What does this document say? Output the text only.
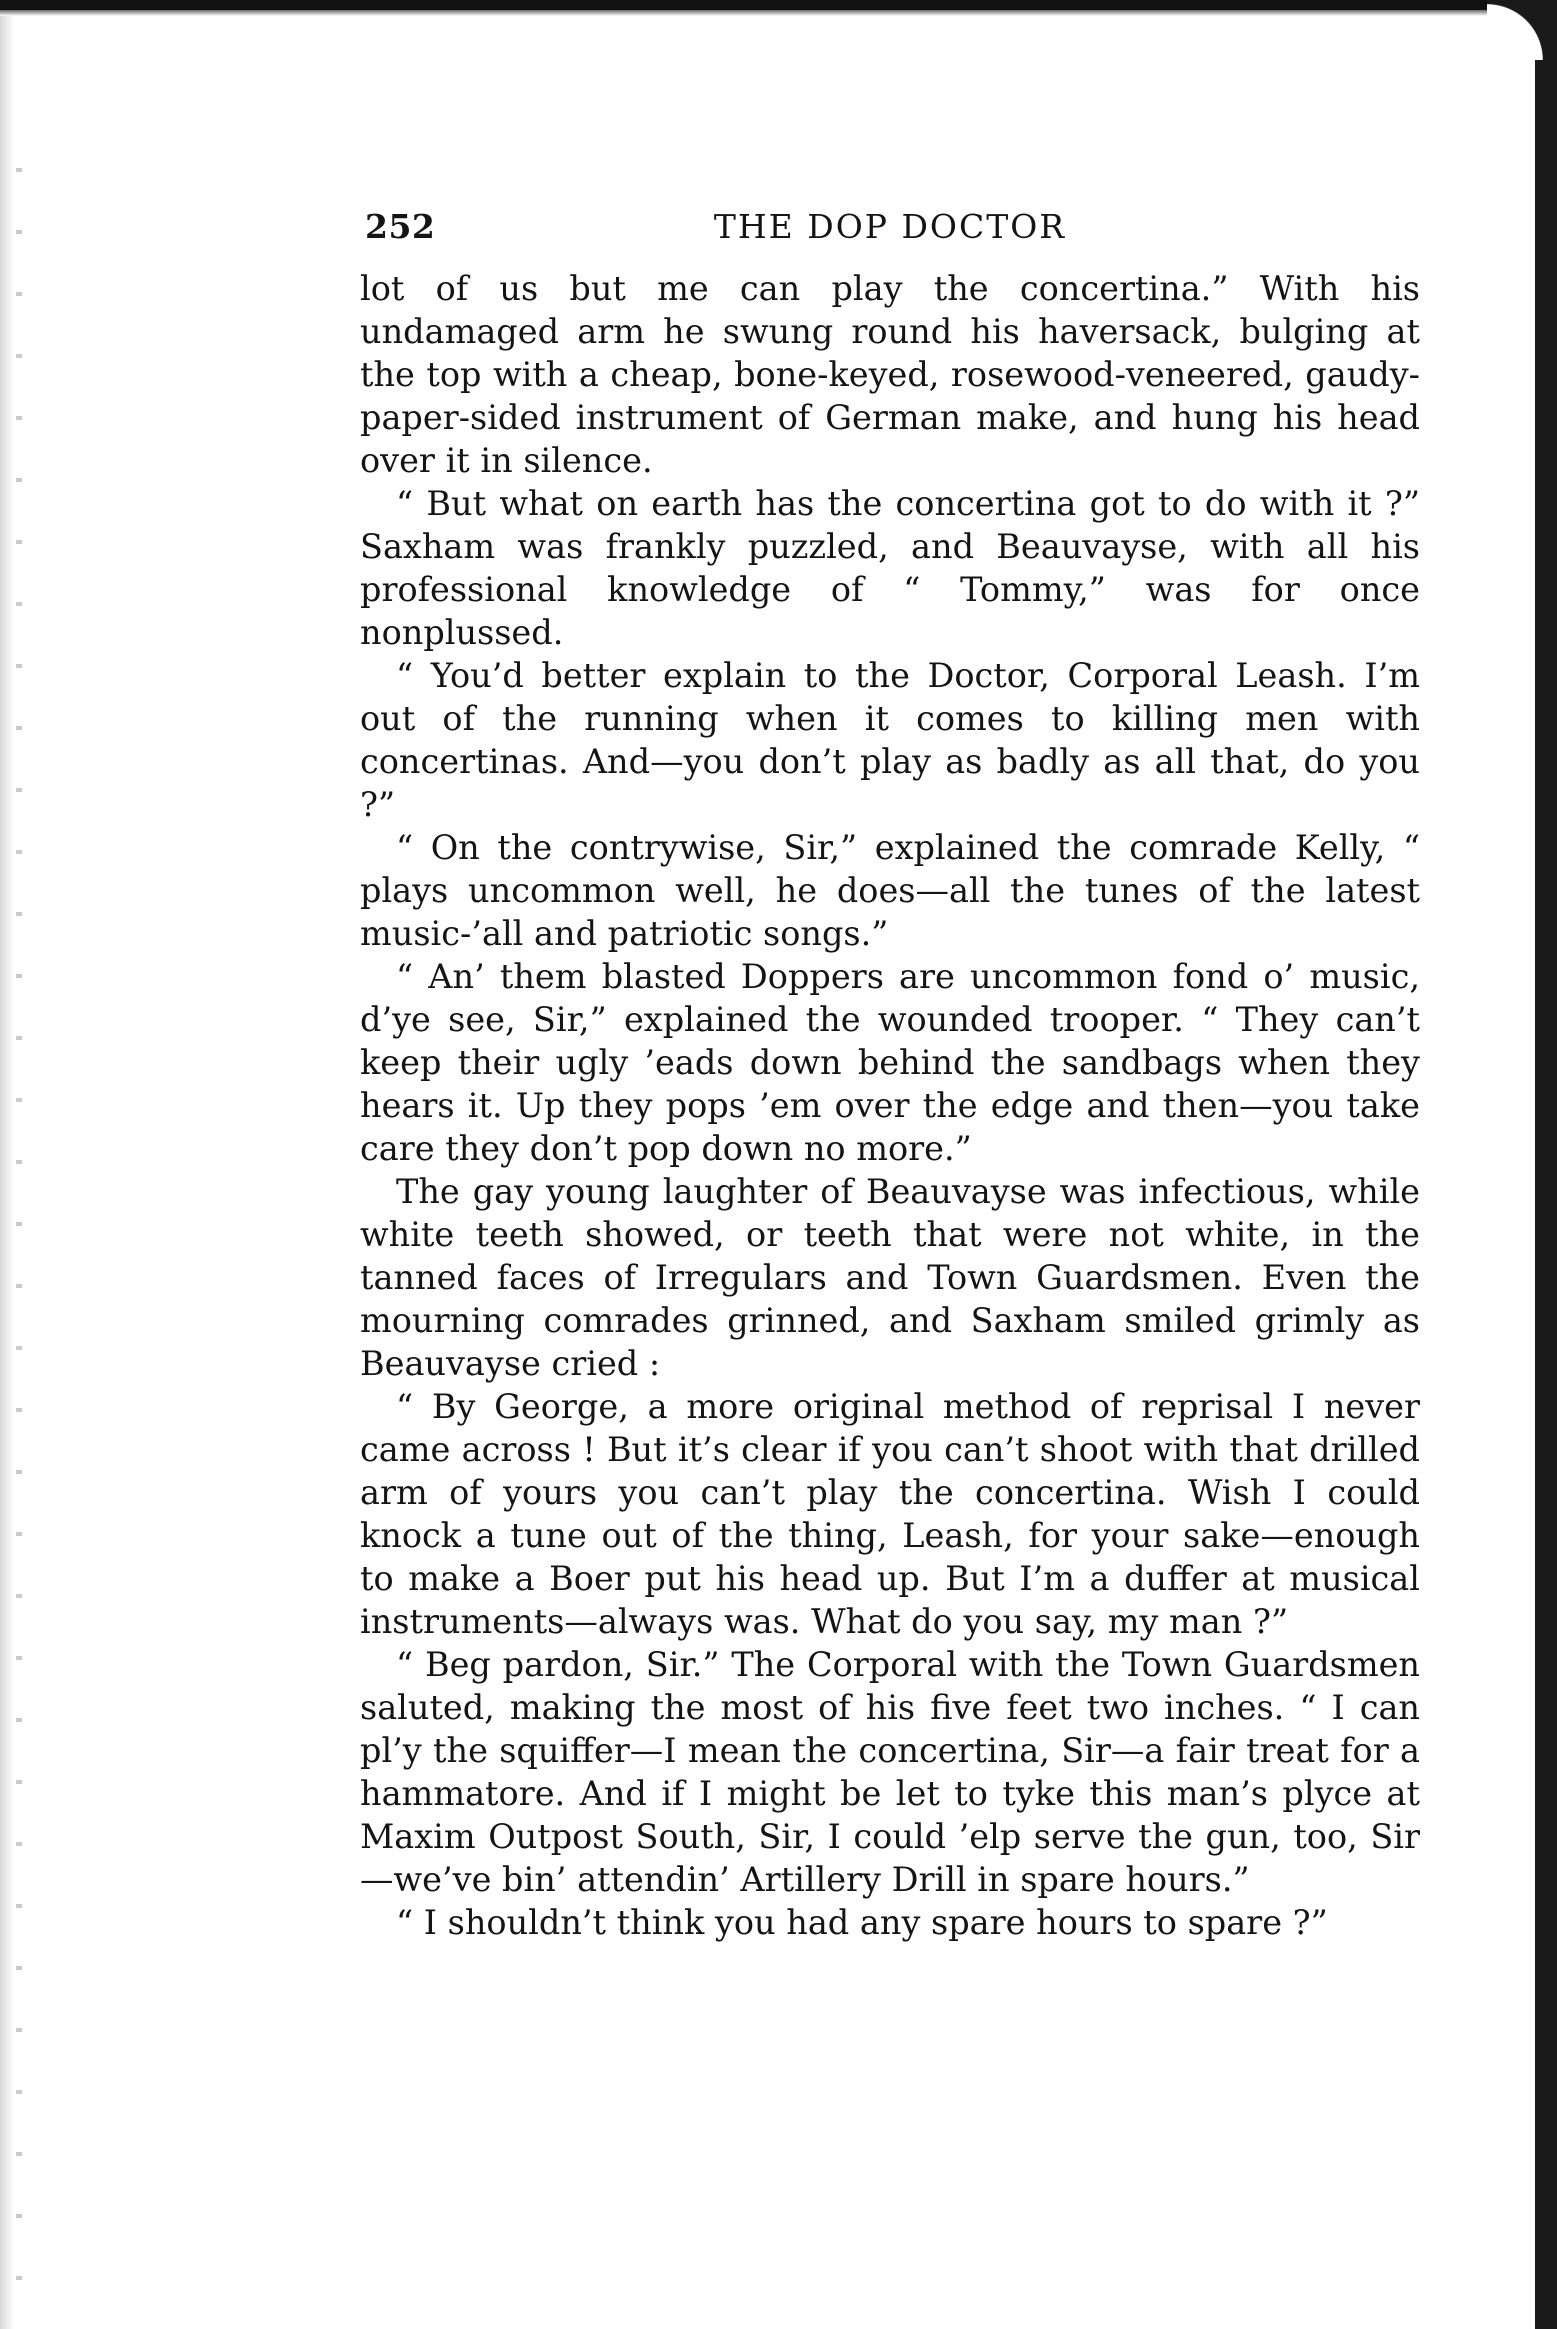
252	THE DOP DOCTOR

lot of us but me can play the concertina.” With his undamaged arm he swung round his haversack, bulging at the top with a cheap, bone-keyed, rosewood-veneered, gaudy-paper-sided instrument of German make, and hung his head over it in silence.

“ But what on earth has the concertina got to do with it ?” Saxham was frankly puzzled, and Beauvayse, with all his professional knowledge of “ Tommy,” was for once nonplussed.

“ You’d better explain to the Doctor, Corporal Leash. I’m out of the running when it comes to killing men with concertinas. And—you don’t play as badly as all that, do you ?”

“ On the contrywise, Sir,” explained the comrade Kelly, “ plays uncommon well, he does—all the tunes of the latest music-’all and patriotic songs.”

“ An’ them blasted Doppers are uncommon fond o’ music, d’ye see, Sir,” explained the wounded trooper. “ They can’t keep their ugly ’eads down behind the sandbags when they hears it. Up they pops ’em over the edge and then—you take care they don’t pop down no more.”

The gay young laughter of Beauvayse was infectious, while white teeth showed, or teeth that were not white, in the tanned faces of Irregulars and Town Guardsmen. Even the mourning comrades grinned, and Saxham smiled grimly as Beauvayse cried :

“ By George, a more original method of reprisal I never came across ! But it’s clear if you can’t shoot with that drilled arm of yours you can’t play the concertina. Wish I could knock a tune out of the thing, Leash, for your sake—enough to make a Boer put his head up. But I’m a duffer at musical instruments—always was. What do you say, my man ?”

“ Beg pardon, Sir.” The Corporal with the Town Guardsmen saluted, making the most of his five feet two inches. “ I can pl’y the squiffer—I mean the concertina, Sir—a fair treat for a hammatore. And if I might be let to tyke this man’s plyce at Maxim Outpost South, Sir, I could ’elp serve the gun, too, Sir—we’ve bin’ attendin’ Artillery Drill in spare hours.”

“ I shouldn’t think you had any spare hours to spare ?”
